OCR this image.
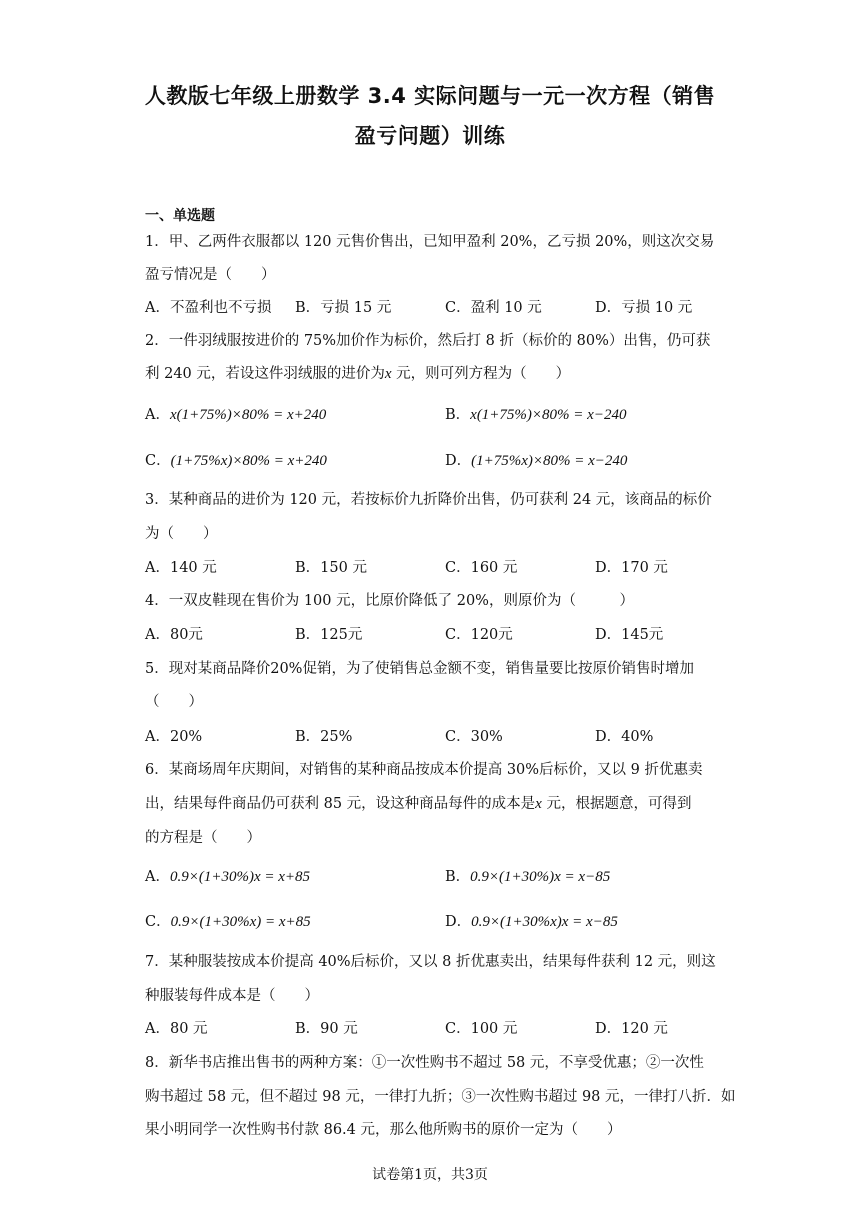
人教版七年级上册数学 3.4 实际问题与一元一次方程（销售
盈亏问题）训练
一、单选题
1．甲、乙两件衣服都以 120 元售价售出，已知甲盈利 20%，乙亏损 20%，则这次交易
盈亏情况是（　　）
A．不盈利也不亏损 B．亏损 15 元	C．盈利 10 元	D．亏损 10 元
2．一件羽绒服按进价的 75%加价作为标价，然后打 8 折（标价的 80%）出售，仍可获
利 240 元，若设这件羽绒服的进价为x 元，则可列方程为（　　）
A．x(1+75%)×80% = x+240	B．x(1+75%)×80% = x−240
C．(1+75%x)×80% = x+240	D．(1+75%x)×80% = x−240
3．某种商品的进价为 120 元，若按标价九折降价出售，仍可获利 24 元，该商品的标价
为（　　）
A．140 元	B．150 元	C．160 元	D．170 元
4．一双皮鞋现在售价为 100 元，比原价降低了 20%，则原价为（　　　）
A．80元	B．125元	C．120元	D．145元
5．现对某商品降价20%促销，为了使销售总金额不变，销售量要比按原价销售时增加
（　　）
A．20%	B．25%	C．30%	D．40%
6．某商场周年庆期间，对销售的某种商品按成本价提高 30%后标价，又以 9 折优惠卖
出，结果每件商品仍可获利 85 元，设这种商品每件的成本是x 元，根据题意，可得到
的方程是（　　）
A．0.9×(1+30%)x = x+85	B．0.9×(1+30%)x = x−85
C．0.9×(1+30%x) = x+85	D．0.9×(1+30%x)x = x−85
7．某种服装按成本价提高 40%后标价，又以 8 折优惠卖出，结果每件获利 12 元，则这
种服装每件成本是（　　）
A．80 元	B．90 元	C．100 元	D．120 元
8．新华书店推出售书的两种方案：①一次性购书不超过 58 元，不享受优惠；②一次性
购书超过 58 元，但不超过 98 元，一律打九折；③一次性购书超过 98 元，一律打八折．如
果小明同学一次性购书付款 86.4 元，那么他所购书的原价一定为（　　）
试卷第1页，共3页
